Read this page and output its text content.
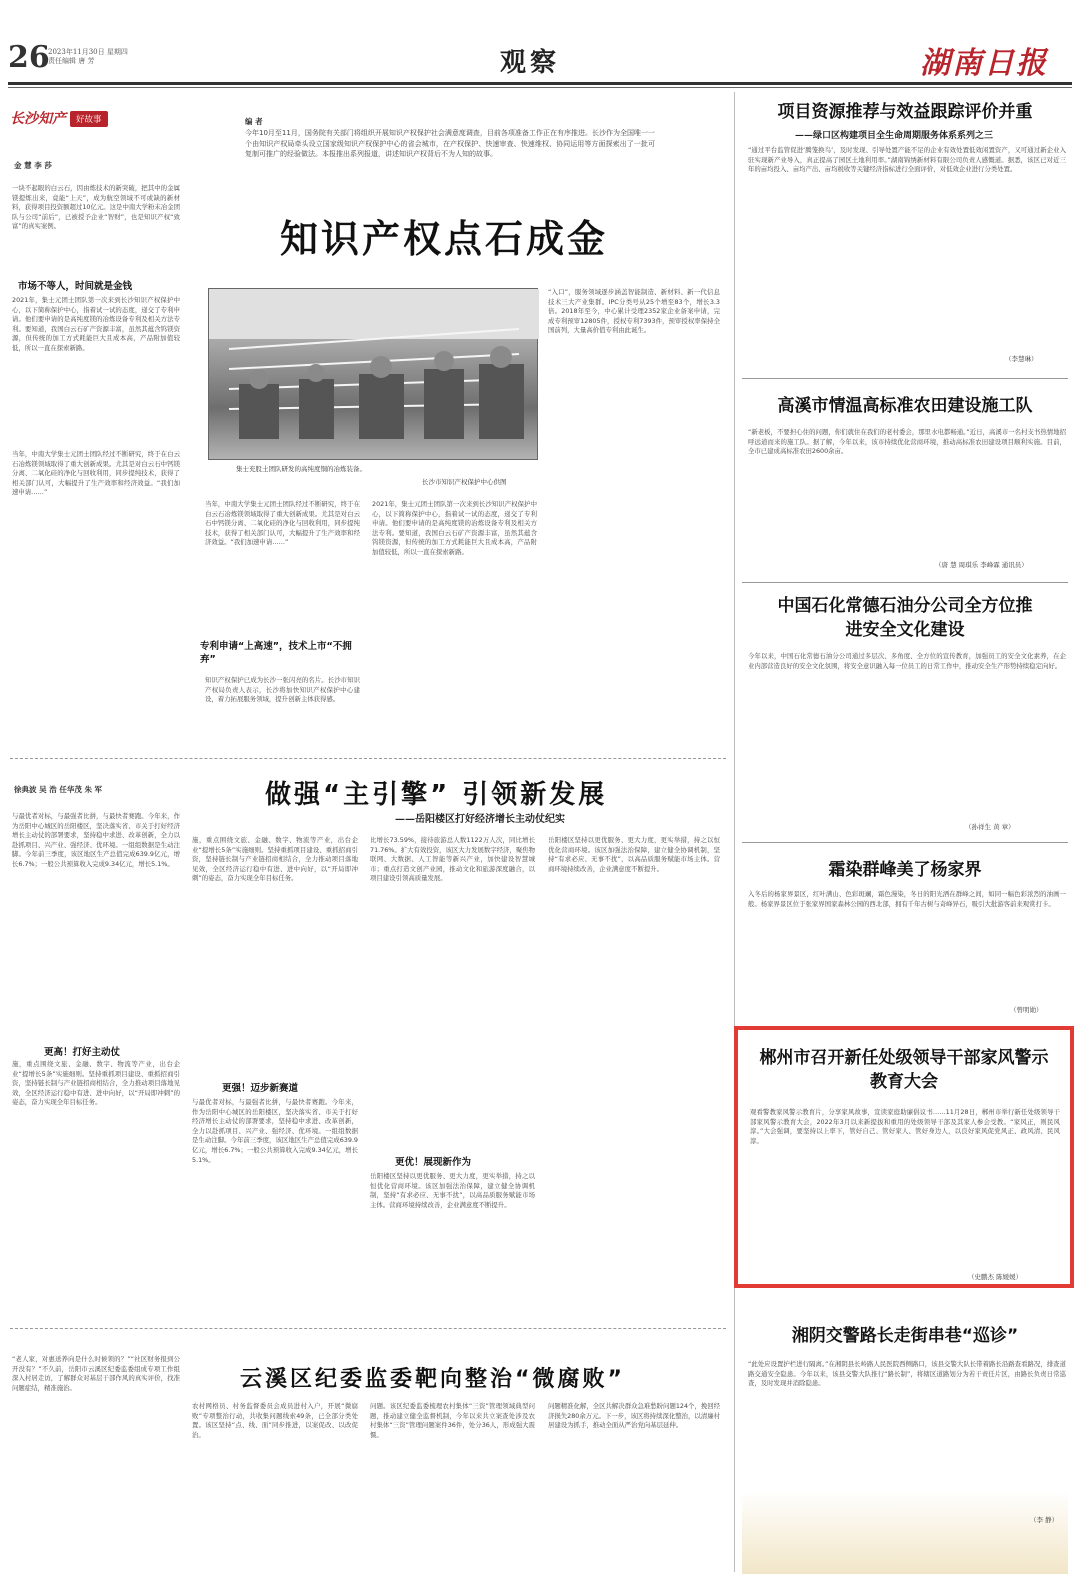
26
2023年11月30日 星期四
责任编辑 唐 芳	观察	湖南日报
长沙知产 好故事
金 慧 李 莎
一块不起眼的白云石，因由炼技术的新突破，把其中的金属镁提炼出来，竟能“上天”，成为航空领域不可或缺的新材料，获得项目投资额超过10亿元。这是中南大学粉末冶金团队与公司“前后”，已被授予企业“智财”，也是知识产权“致富”的真实案例。
市场不等人，时间就是金钱
2021年，集士元团士团队第一次来到长沙知识产权保护中心，以下简称保护中心，指着试一试的态度，递交了专利申请。他们要申请的是高纯度镁的冶炼设备专利及相关方法专利。要知道，我国白云石矿产资源丰富，虽然其蕴含钨镁资源，但传统的加工方式耗能巨大且成本高，产品附加值较低，所以一直在探索新路。
当年，中南大学集士元团士团队经过不断研究，终于在白云石冶炼镁领域取得了重大创新成果。尤其是对白云石中钙镁分离、二氧化硅的净化与回收利用，同步提纯技术，获得了相关部门认可，大幅提升了生产效率和经济效益。“我们加速申请……”
编 者
今年10月至11月，国务院有关部门将组织开展知识产权保护社会满意度调查，目前各项准备工作正在有序推进。长沙作为全国唯一一个由知识产权局牵头设立国家级知识产权保护中心的省会城市，在产权保护、快速审查、快速维权、协同运用等方面探索出了一批可复制可推广的经验做法。本报推出系列报道，讲述知识产权背后不为人知的故事。
知识产权点石成金
集士充股土团队研发的高纯度铜的冶炼装备。
长沙市知识产权保护中心供图
当年，中南大学集士元团士团队经过不断研究，终于在白云石冶炼镁领域取得了重大创新成果。尤其是对白云石中钙镁分离、二氧化硅的净化与回收利用，同步提纯技术，获得了相关部门认可，大幅提升了生产效率和经济效益。“我们加速申请……”
专利申请“上高速”，技术上市“不拥弃”
知识产权保护已成为长沙一张闪亮的名片。长沙市知识产权局负责人表示，长沙将加快知识产权保护中心建设，着力拓展服务领域，提升创新主体获得感。
2021年，集士元团士团队第一次来到长沙知识产权保护中心，以下简称保护中心，指着试一试的态度，递交了专利申请。他们要申请的是高纯度镁的冶炼设备专利及相关方法专利。要知道，我国白云石矿产资源丰富，虽然其蕴含钨镁资源，但传统的加工方式耗能巨大且成本高，产品附加值较低，所以一直在探索新路。
“入口”，服务领域逐步涵盖智能制造、新材料、新一代信息技术三大产业集群。IPC分类号从25个增至83个，增长3.3倍。2018年至今，中心累计受理2352家企业备案申请，完成专利预审12805件，授权专利7393件，预审授权率保持全国前列，大量高价值专利由此诞生。
徐典波 吴 浩 任华茂 朱 军	做强“主引擎” 引领新发展
——岳阳楼区打好经济增长主动仗纪实
与最优者对标，与最强者比拼，与最快者赛跑。今年来，作为岳阳中心城区的岳阳楼区，坚决落实省、市关于打好经济增长主动仗的部署要求，坚持稳中求进、改革创新，全力以赴抓项目、兴产业、强经济、优环境。一组组数据是生动注脚。今年前三季度，该区地区生产总值完成639.9亿元，增长6.7%；一般公共预算收入完成9.34亿元，增长5.1%。
更高！打好主动仗
施，重点围绕文旅、金融、数字、物流等产业，出台企业“提增长5条”实施细则。坚持重抓项目建设、重抓招商引资，坚持链长制与产业链招商相结合，全力推动项目落地见效，全区经济运行稳中有进、进中向好，以“开局即冲刺”的姿态，奋力实现全年目标任务。
施，重点围绕文旅、金融、数字、物流等产业，出台企业“提增长5条”实施细则。坚持重抓项目建设、重抓招商引资，坚持链长制与产业链招商相结合，全力推动项目落地见效，全区经济运行稳中有进、进中向好，以“开局即冲刺”的姿态，奋力实现全年目标任务。
更强！迈步新赛道
与最优者对标，与最强者比拼，与最快者赛跑。今年来，作为岳阳中心城区的岳阳楼区，坚决落实省、市关于打好经济增长主动仗的部署要求，坚持稳中求进、改革创新，全力以赴抓项目、兴产业、强经济、优环境。一组组数据是生动注脚。今年前三季度，该区地区生产总值完成639.9亿元，增长6.7%；一般公共预算收入完成9.34亿元，增长5.1%。
比增长73.59%，接待旅游总人数1122万人次，同比增长71.76%。扩大有效投资，该区大力发展数字经济，聚焦物联网、大数据、人工智能等新兴产业，加快建设智慧城市；重点打造文创产业园，推动文化和旅游深度融合，以项目建设引领高质量发展。
更优！展现新作为
岳阳楼区坚持以更优服务、更大力度，更实举措，持之以恒优化营商环境。该区加强法治保障，建立健全协调机制，坚持“有求必应、无事不扰”，以高品质服务赋能市场主体。营商环境持续改善，企业满意度不断提升。
岳阳楼区坚持以更优服务、更大力度，更实举措，持之以恒优化营商环境。该区加强法治保障，建立健全协调机制，坚持“有求必应、无事不扰”，以高品质服务赋能市场主体。营商环境持续改善，企业满意度不断提升。
“老人家，对惠送养向是什么时候领的？”“社区财务报到公开没有？”不久前，岳阳市云溪区纪委监委组成专项工作组深入村居走访，了解群众对基层干部作风的真实评价，找准问题症结，精准施治。	云溪区纪委监委靶向整治“微腐败”
农村网格员、村务监督委员会成员进村入户，开展“微腐败”专项整治行动，共收集问题线索49条，已全部分类处置。该区坚持“点、线、面”同步推进，以案促改、以改促治。
问题。该区纪委监委梳理农村集体“三资”管理领域典型问题，推动建立健全监督机制，今年以来共立案查处涉及农村集体“三资”管理问题案件36件，处分36人，形成强大震慑。
问题精准化解，全区共解决群众急难愁盼问题124个，挽回经济损失280余万元。下一步，该区将持续深化整治，以清廉村居建设为抓手，推动全面从严治党向基层延伸。
项目资源推荐与效益跟踪评价并重
——绿口区构建项目全生命周期服务体系系列之三
“通过平台监管促进‘腾笼换鸟’，及时发现、引导处置产能不足的企业有效处置低效闲置资产，又可通过新企业入驻实现新产业导入，真正提高了园区土地利用率。”湖南锦绣新材料有限公司负责人感慨道。据悉，该区已对近三年的亩均投入、亩均产出、亩均税收等关键经济指标进行全面评价，对低效企业进行分类处置。
（李慧琳）
高溪市情温高标准农田建设施工队
“新老板，不要担心住的问题，你们就住在我们的老村委会，那里水电都畅通。”近日，高溪市一名村支书热情地招呼远道而来的施工队。据了解，今年以来，该市持续优化营商环境，推动高标准农田建设项目顺利实施。目前，全市已建成高标准农田2600余亩。
（唐 慧 周琪乐 李峰霖 通讯员）
中国石化常德石油分公司全方位推进安全文化建设
今年以来，中国石化常德石油分公司通过多层次、多角度、全方位的宣传教育，加强员工的安全文化素养，在企业内部营造良好的安全文化氛围，将安全意识融入每一位员工的日常工作中，推动安全生产形势持续稳定向好。
（孙祥生 黄 章）
霜染群峰美了杨家界
入冬后的杨家界景区，红叶满山、色彩斑斓，霜色漫染，冬日的阳光洒在群峰之间，如同一幅色彩浓烈的油画一般。杨家界景区位于张家界国家森林公园的西北部，拥有千年古树与奇峰异石，吸引大批游客前来观赏打卡。
（曾明勋）
郴州市召开新任处级领导干部家风警示教育大会
观看警教家风警示教育片，分享家风故事，宣读家庭助廉倡议书……11月28日，郴州市举行新任处级领导干部家风警示教育大会，2022年3月以来新提拔和重用的处级领导干部及其家人参会受教。“家风正，则民风淳。”大会强调，要坚持以上率下，管好自己、管好家人、管好身边人，以良好家风促党风正、政风清、民风淳。
（史鹏杰 陈媛媛）
湘阴交警路长走街串巷“巡诊”
“此处应设置护栏进行隔离。”在湘阴县长岭路人民医院西侧路口，该县交警大队长带着路长沿路查看路况，排查道路交通安全隐患。今年以来，该县交警大队推行“路长制”，将辖区道路划分为若干责任片区，由路长负责日常巡查，及时发现并消除隐患。
（李 静）
